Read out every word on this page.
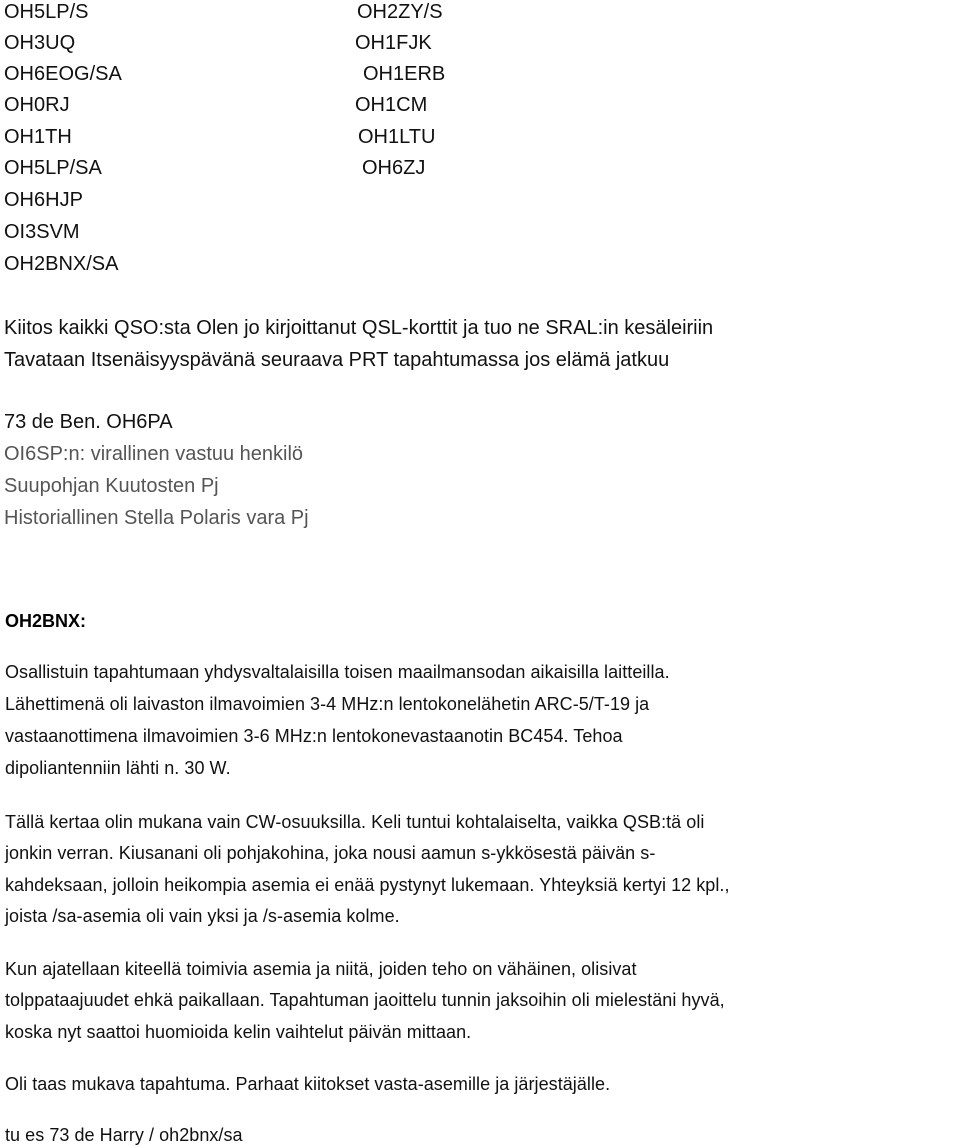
OH5LP/S
OH3UQ
OH6EOG/SA
OH0RJ
OH1TH
OH5LP/SA
OH6HJP
OI3SVM
OH2BNX/SA
OH2ZY/S
OH1FJK
OH1ERB
OH1CM
OH1LTU
OH6ZJ
Kiitos kaikki QSO:sta Olen jo kirjoittanut QSL-korttit ja tuo ne SRAL:in kesäleiriin
Tavataan Itsenäisyyspävänä seuraava PRT tapahtumassa jos elämä jatkuu
73 de Ben. OH6PA
OI6SP:n: virallinen vastuu henkilö
Suupohjan Kuutosten Pj
Historiallinen Stella Polaris vara Pj
OH2BNX:
Osallistuin tapahtumaan yhdysvaltalaisilla toisen maailmansodan aikaisilla laitteilla.
Lähettimenä oli laivaston ilmavoimien 3-4 MHz:n lentokonelähetin ARC-5/T-19 ja
vastaanottimena ilmavoimien 3-6 MHz:n lentokonevastaanotin BC454. Tehoa
dipoliantenniin lähti n. 30 W.
Tällä kertaa olin mukana vain CW-osuuksilla. Keli tuntui kohtalaiselta, vaikka QSB:tä oli
jonkin verran. Kiusanani oli pohjakohina, joka nousi aamun s-ykkösestä päivän s-
kahdeksaan, jolloin heikompia asemia ei enää pystynyt lukemaan. Yhteyksiä kertyi 12 kpl.,
joista /sa-asemia oli vain yksi ja /s-asemia kolme.
Kun ajatellaan kiteellä toimivia asemia ja niitä, joiden teho on vähäinen, olisivat
tolppataajuudet ehkä paikallaan. Tapahtuman jaoittelu tunnin jaksoihin oli mielestäni hyvä,
koska nyt saattoi huomioida kelin vaihtelut päivän mittaan.
Oli taas mukava tapahtuma. Parhaat kiitokset vasta-asemille ja järjestäjälle.
tu es 73 de Harry / oh2bnx/sa
